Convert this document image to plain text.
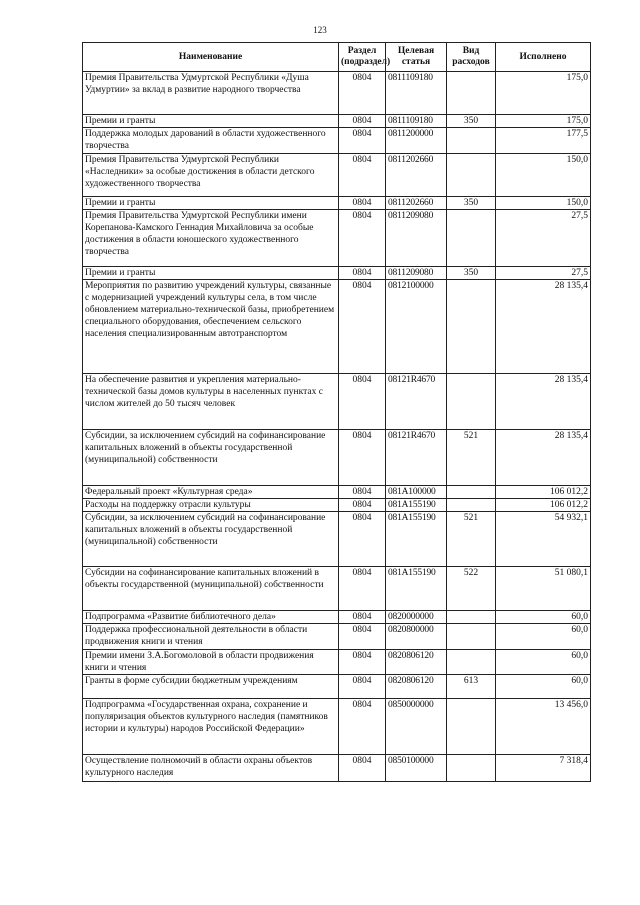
123
Наименование	Раздел (подраздел)	Целевая статья	Вид расходов	Исполнено
Премия Правительства Удмуртской Республики «Душа Удмуртии» за вклад в развитие народного творчества	0804	0811109180		175,0
Премии и гранты	0804	0811109180	350	175,0
Поддержка молодых дарований в области художественного творчества	0804	0811200000		177,5
Премия Правительства Удмуртской Республики «Наследники» за особые достижения в области детского художественного творчества	0804	0811202660		150,0
Премии и гранты	0804	0811202660	350	150,0
Премия Правительства Удмуртской Республики имени Корепанова-Камского Геннадия Михайловича за особые достижения в области юношеского художественного творчества	0804	0811209080		27,5
Премии и гранты	0804	0811209080	350	27,5
Мероприятия по развитию учреждений культуры, связанные с модернизацией учреждений культуры села, в том числе обновлением материально-технической базы, приобретением специального оборудования, обеспечением сельского населения специализированным автотранспортом	0804	0812100000		28 135,4
На обеспечение развития и укрепления материально-технической базы домов культуры в населенных пунктах с числом жителей до 50 тысяч человек	0804	08121R4670		28 135,4
Субсидии, за исключением субсидий на софинансирование капитальных вложений в объекты государственной (муниципальной) собственности	0804	08121R4670	521	28 135,4
Федеральный проект «Культурная среда»	0804	081A100000		106 012,2
Расходы на поддержку отрасли культуры	0804	081A155190		106 012,2
Субсидии, за исключением субсидий на софинансирование капитальных вложений в объекты государственной (муниципальной) собственности	0804	081A155190	521	54 932,1
Субсидии на софинансирование капитальных вложений в объекты государственной (муниципальной) собственности	0804	081A155190	522	51 080,1
Подпрограмма «Развитие библиотечного дела»	0804	0820000000		60,0
Поддержка профессиональной деятельности в области продвижения книги и чтения	0804	0820800000		60,0
Премии имени З.А.Богомоловой в области продвижения книги и чтения	0804	0820806120		60,0
Гранты в форме субсидии бюджетным учреждениям	0804	0820806120	613	60,0
Подпрограмма «Государственная охрана, сохранение и популяризация объектов культурного наследия (памятников истории и культуры) народов Российской Федерации»	0804	0850000000		13 456,0
Осуществление полномочий в области охраны объектов культурного наследия	0804	0850100000		7 318,4
